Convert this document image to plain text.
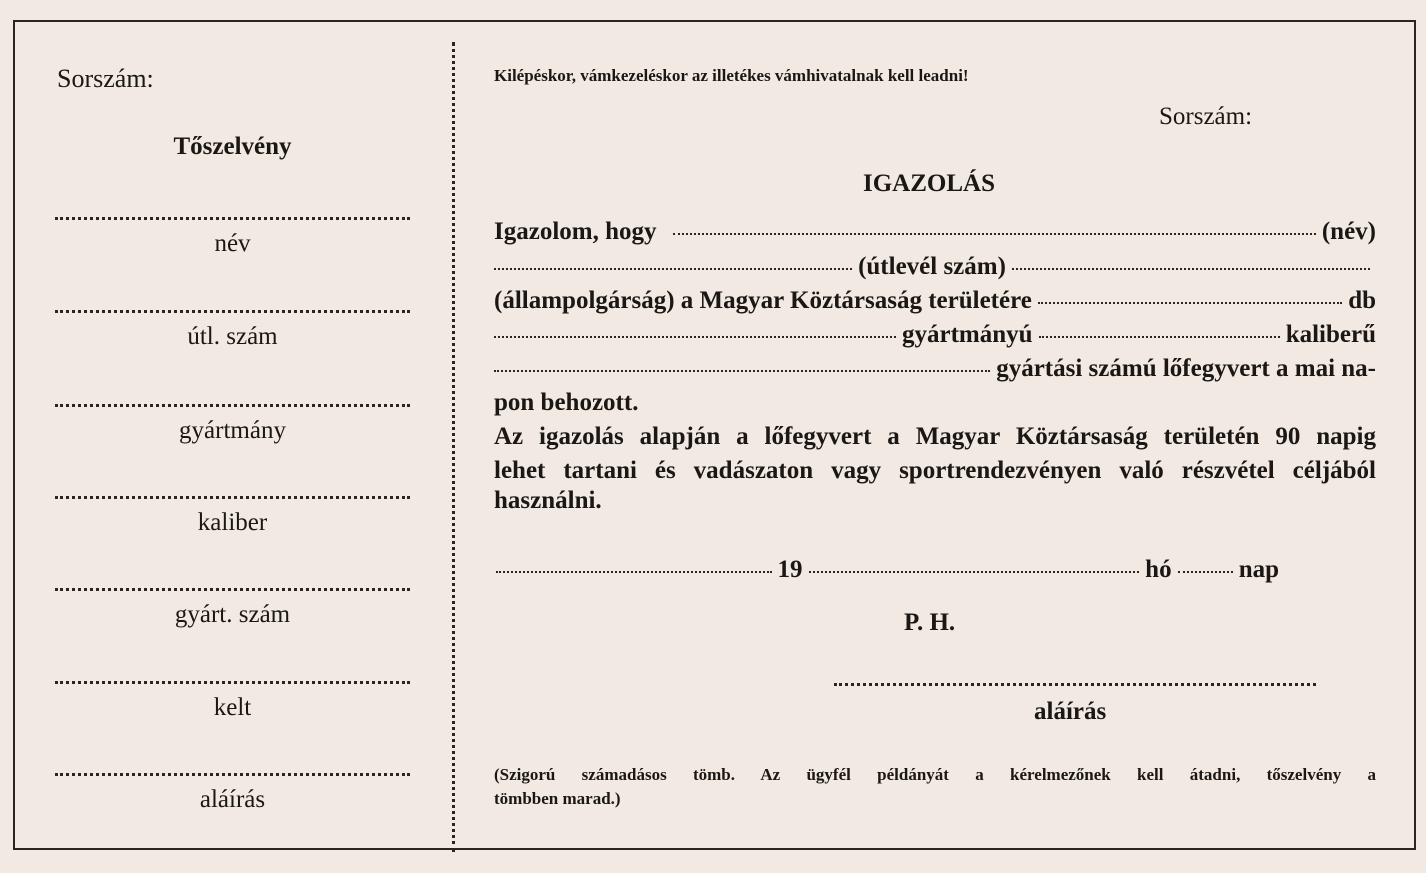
Sorszám:
Tőszelvény
név
útl. szám
gyártmány
kaliber
gyárt. szám
kelt
aláírás
Kilépéskor, vámkezeléskor az illetékes vámhivatalnak kell leadni!
Sorszám:
IGAZOLÁS
Igazolom, hogy	(név)
(útlevél szám)
(állampolgárság) a Magyar Köztársaság területére	db
gyártmányú	kaliberű
gyártási számú lőfegyvert a mai na-
pon behozott.
Az igazolás alapján a lőfegyvert a Magyar Köztársaság területén 90 napig
lehet tartani és vadászaton vagy sportrendezvényen való részvétel céljából
használni.
19	hó	nap
P. H.
aláírás
(Szigorú számadásos tömb. Az ügyfél példányát a kérelmezőnek kell átadni, tőszelvény a
tömbben marad.)
